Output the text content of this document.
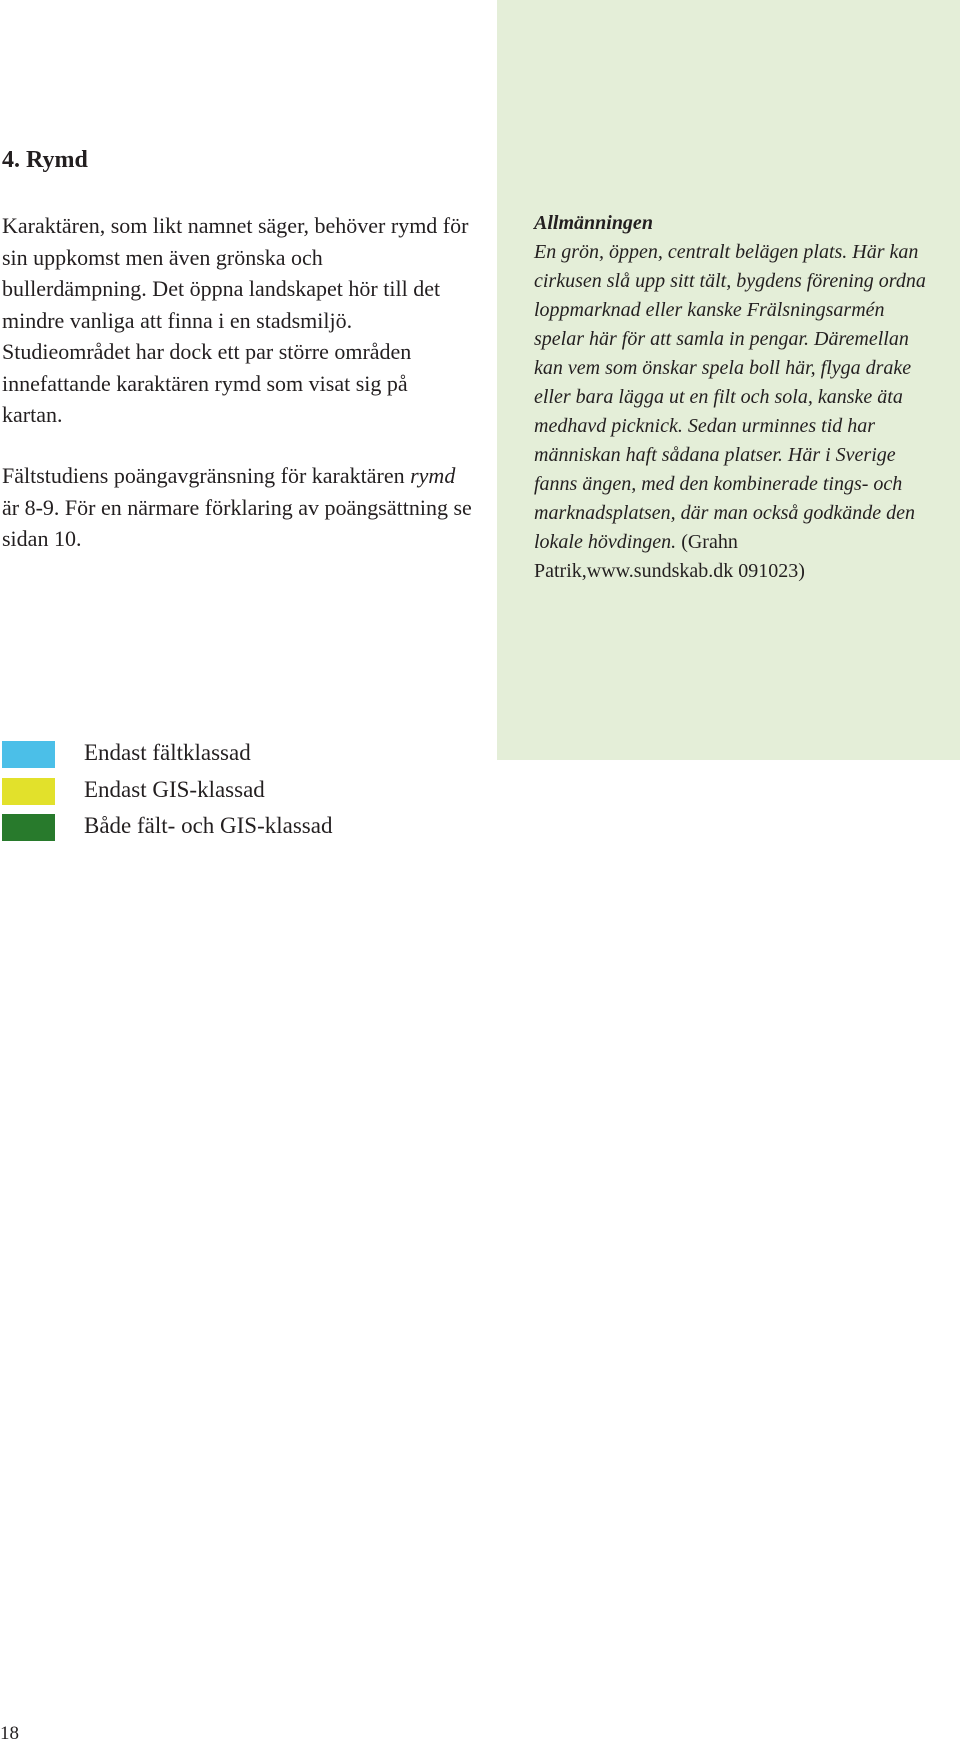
4. Rymd

Karaktären, som likt namnet säger, behöver rymd för sin uppkomst men även grönska och bullerdämpning. Det öppna landskapet hör till det mindre vanliga att finna i en stadsmiljö. Studieområdet har dock ett par större områden innefattande karaktären rymd som visat sig på kartan.

Fältstudiens poängavgränsning för karaktären rymd är 8-9. För en närmare förklaring av poängsättning se sidan 10.

Allmänningen
En grön, öppen, centralt belägen plats. Här kan cirkusen slå upp sitt tält, bygdens förening ordna loppmarknad eller kanske Frälsningsarmén spelar här för att samla in pengar. Däremellan kan vem som önskar spela boll här, flyga drake eller bara lägga ut en filt och sola, kanske äta medhavd picknick. Sedan urminnes tid har människan haft sådana platser. Här i Sverige fanns ängen, med den kombinerade tings- och marknadsplatsen, där man också godkände den lokale hövdingen. (Grahn Patrik,www.sundskab.dk 091023)

Endast fältklassad
Endast GIS-klassad
Både fält- och GIS-klassad

18
